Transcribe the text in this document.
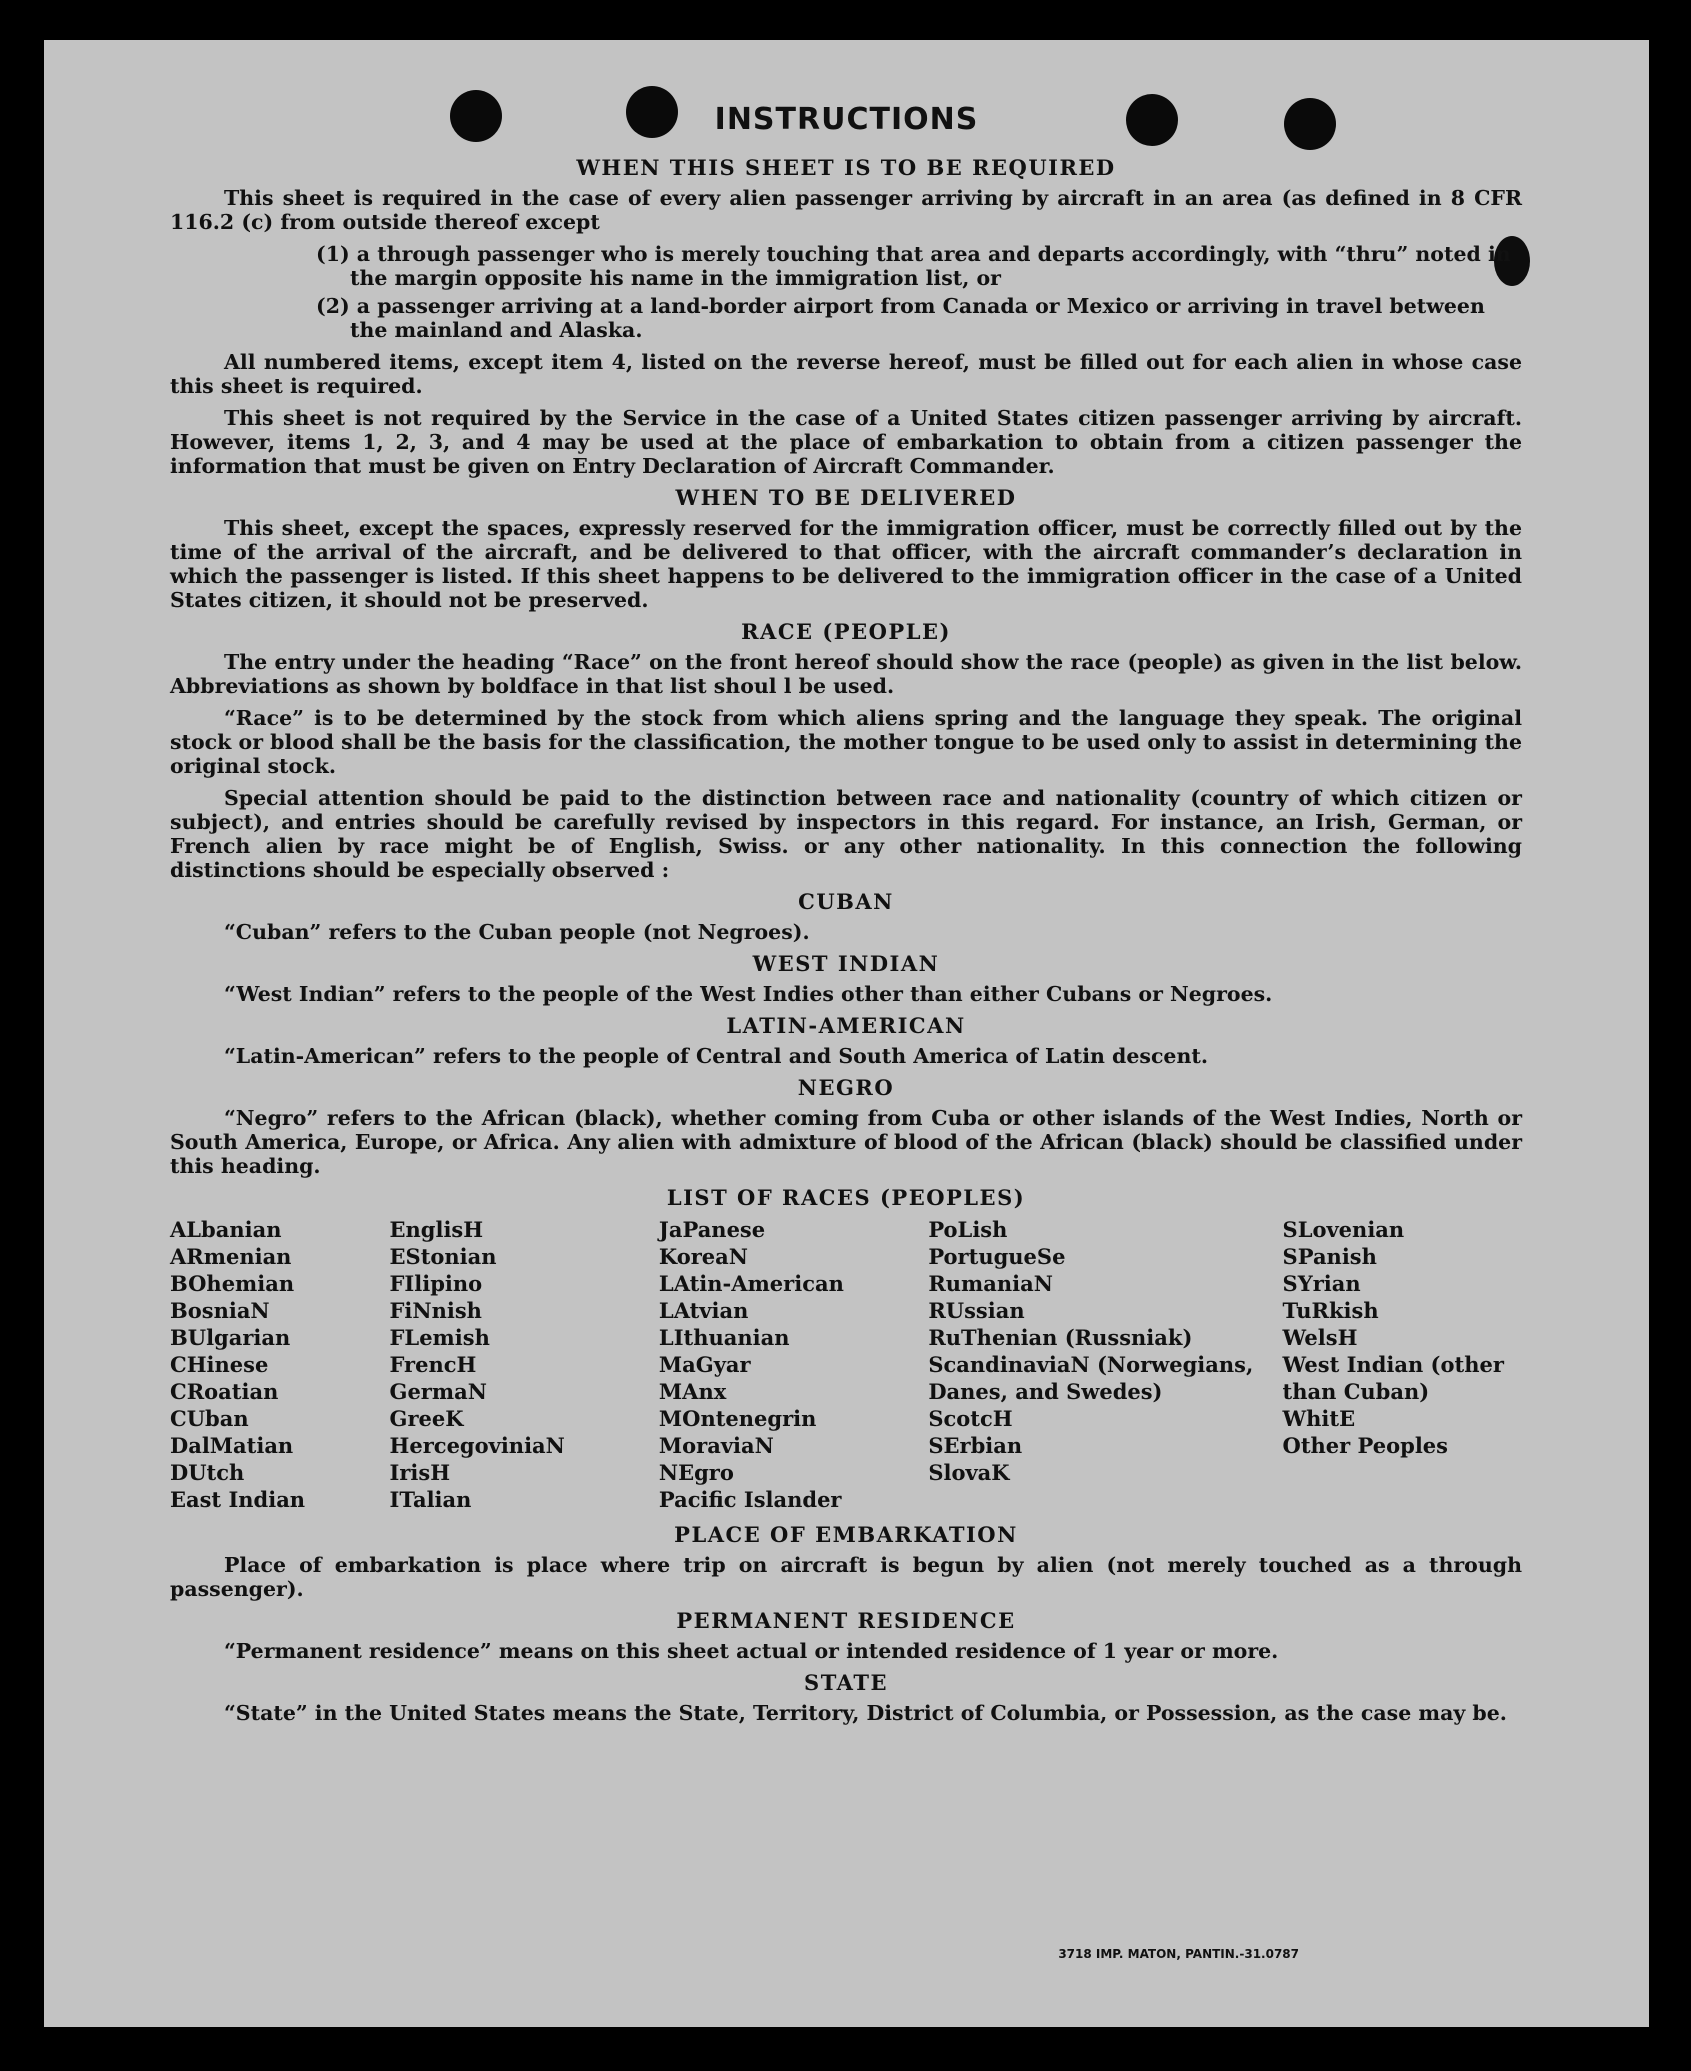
INSTRUCTIONS
WHEN THIS SHEET IS TO BE REQUIRED

This sheet is required in the case of every alien passenger arriving by aircraft in an area (as defined in 8 CFR 116.2 (c) from outside thereof except

(1) a through passenger who is merely touching that area and departs accordingly, with “thru” noted in the margin opposite his name in the immigration list, or
(2) a passenger arriving at a land-border airport from Canada or Mexico or arriving in travel between the mainland and Alaska.

All numbered items, except item 4, listed on the reverse hereof, must be filled out for each alien in whose case this sheet is required.

This sheet is not required by the Service in the case of a United States citizen passenger arriving by aircraft. However, items 1, 2, 3, and 4 may be used at the place of embarkation to obtain from a citizen passenger the information that must be given on Entry Declaration of Aircraft Commander.

WHEN TO BE DELIVERED

This sheet, except the spaces, expressly reserved for the immigration officer, must be correctly filled out by the time of the arrival of the aircraft, and be delivered to that officer, with the aircraft commander’s declaration in which the passenger is listed. If this sheet happens to be delivered to the immigration officer in the case of a United States citizen, it should not be preserved.

RACE (PEOPLE)

The entry under the heading “Race” on the front hereof should show the race (people) as given in the list below. Abbreviations as shown by boldface in that list shoul l be used.

“Race” is to be determined by the stock from which aliens spring and the language they speak. The original stock or blood shall be the basis for the classification, the mother tongue to be used only to assist in determining the original stock.

Special attention should be paid to the distinction between race and nationality (country of which citizen or subject), and entries should be carefully revised by inspectors in this regard. For instance, an Irish, German, or French alien by race might be of English, Swiss. or any other nationality. In this connection the following distinctions should be especially observed :

CUBAN

“Cuban” refers to the Cuban people (not Negroes).

WEST INDIAN

“West Indian” refers to the people of the West Indies other than either Cubans or Negroes.

LATIN-AMERICAN

“Latin-American” refers to the people of Central and South America of Latin descent.

NEGRO

“Negro” refers to the African (black), whether coming from Cuba or other islands of the West Indies, North or South America, Europe, or Africa. Any alien with admixture of blood of the African (black) should be classified under this heading.

LIST OF RACES (PEOPLES)
ALbanian
ARmenian
BOhemian
BosniaN
BUlgarian
CHinese
CRoatian
CUban
DalMatian
DUtch
East Indian
EnglisH
EStonian
FIlipino
FiNnish
FLemish
FrencH
GermaN
GreeK
HercegoviniaN
IrisH
ITalian
JaPanese
KoreaN
LAtin-American
LAtvian
LIthuanian
MaGyar
MAnx
MOntenegrin
MoraviaN
NEgro
Pacific Islander
PoLish
PortugueSe
RumaniaN
RUssian
RuThenian (Russniak)
ScandinaviaN (Norwegians, Danes, and Swedes)
ScotcH
SErbian
SlovaK
SLovenian
SPanish
SYrian
TuRkish
WelsH
West Indian (other than Cuban)
WhitE
Other Peoples
PLACE OF EMBARKATION

Place of embarkation is place where trip on aircraft is begun by alien (not merely touched as a through passenger).

PERMANENT RESIDENCE

“Permanent residence” means on this sheet actual or intended residence of 1 year or more.

STATE

“State” in the United States means the State, Territory, District of Columbia, or Possession, as the case may be.

3718 IMP. MATON, PANTIN.-31.0787
